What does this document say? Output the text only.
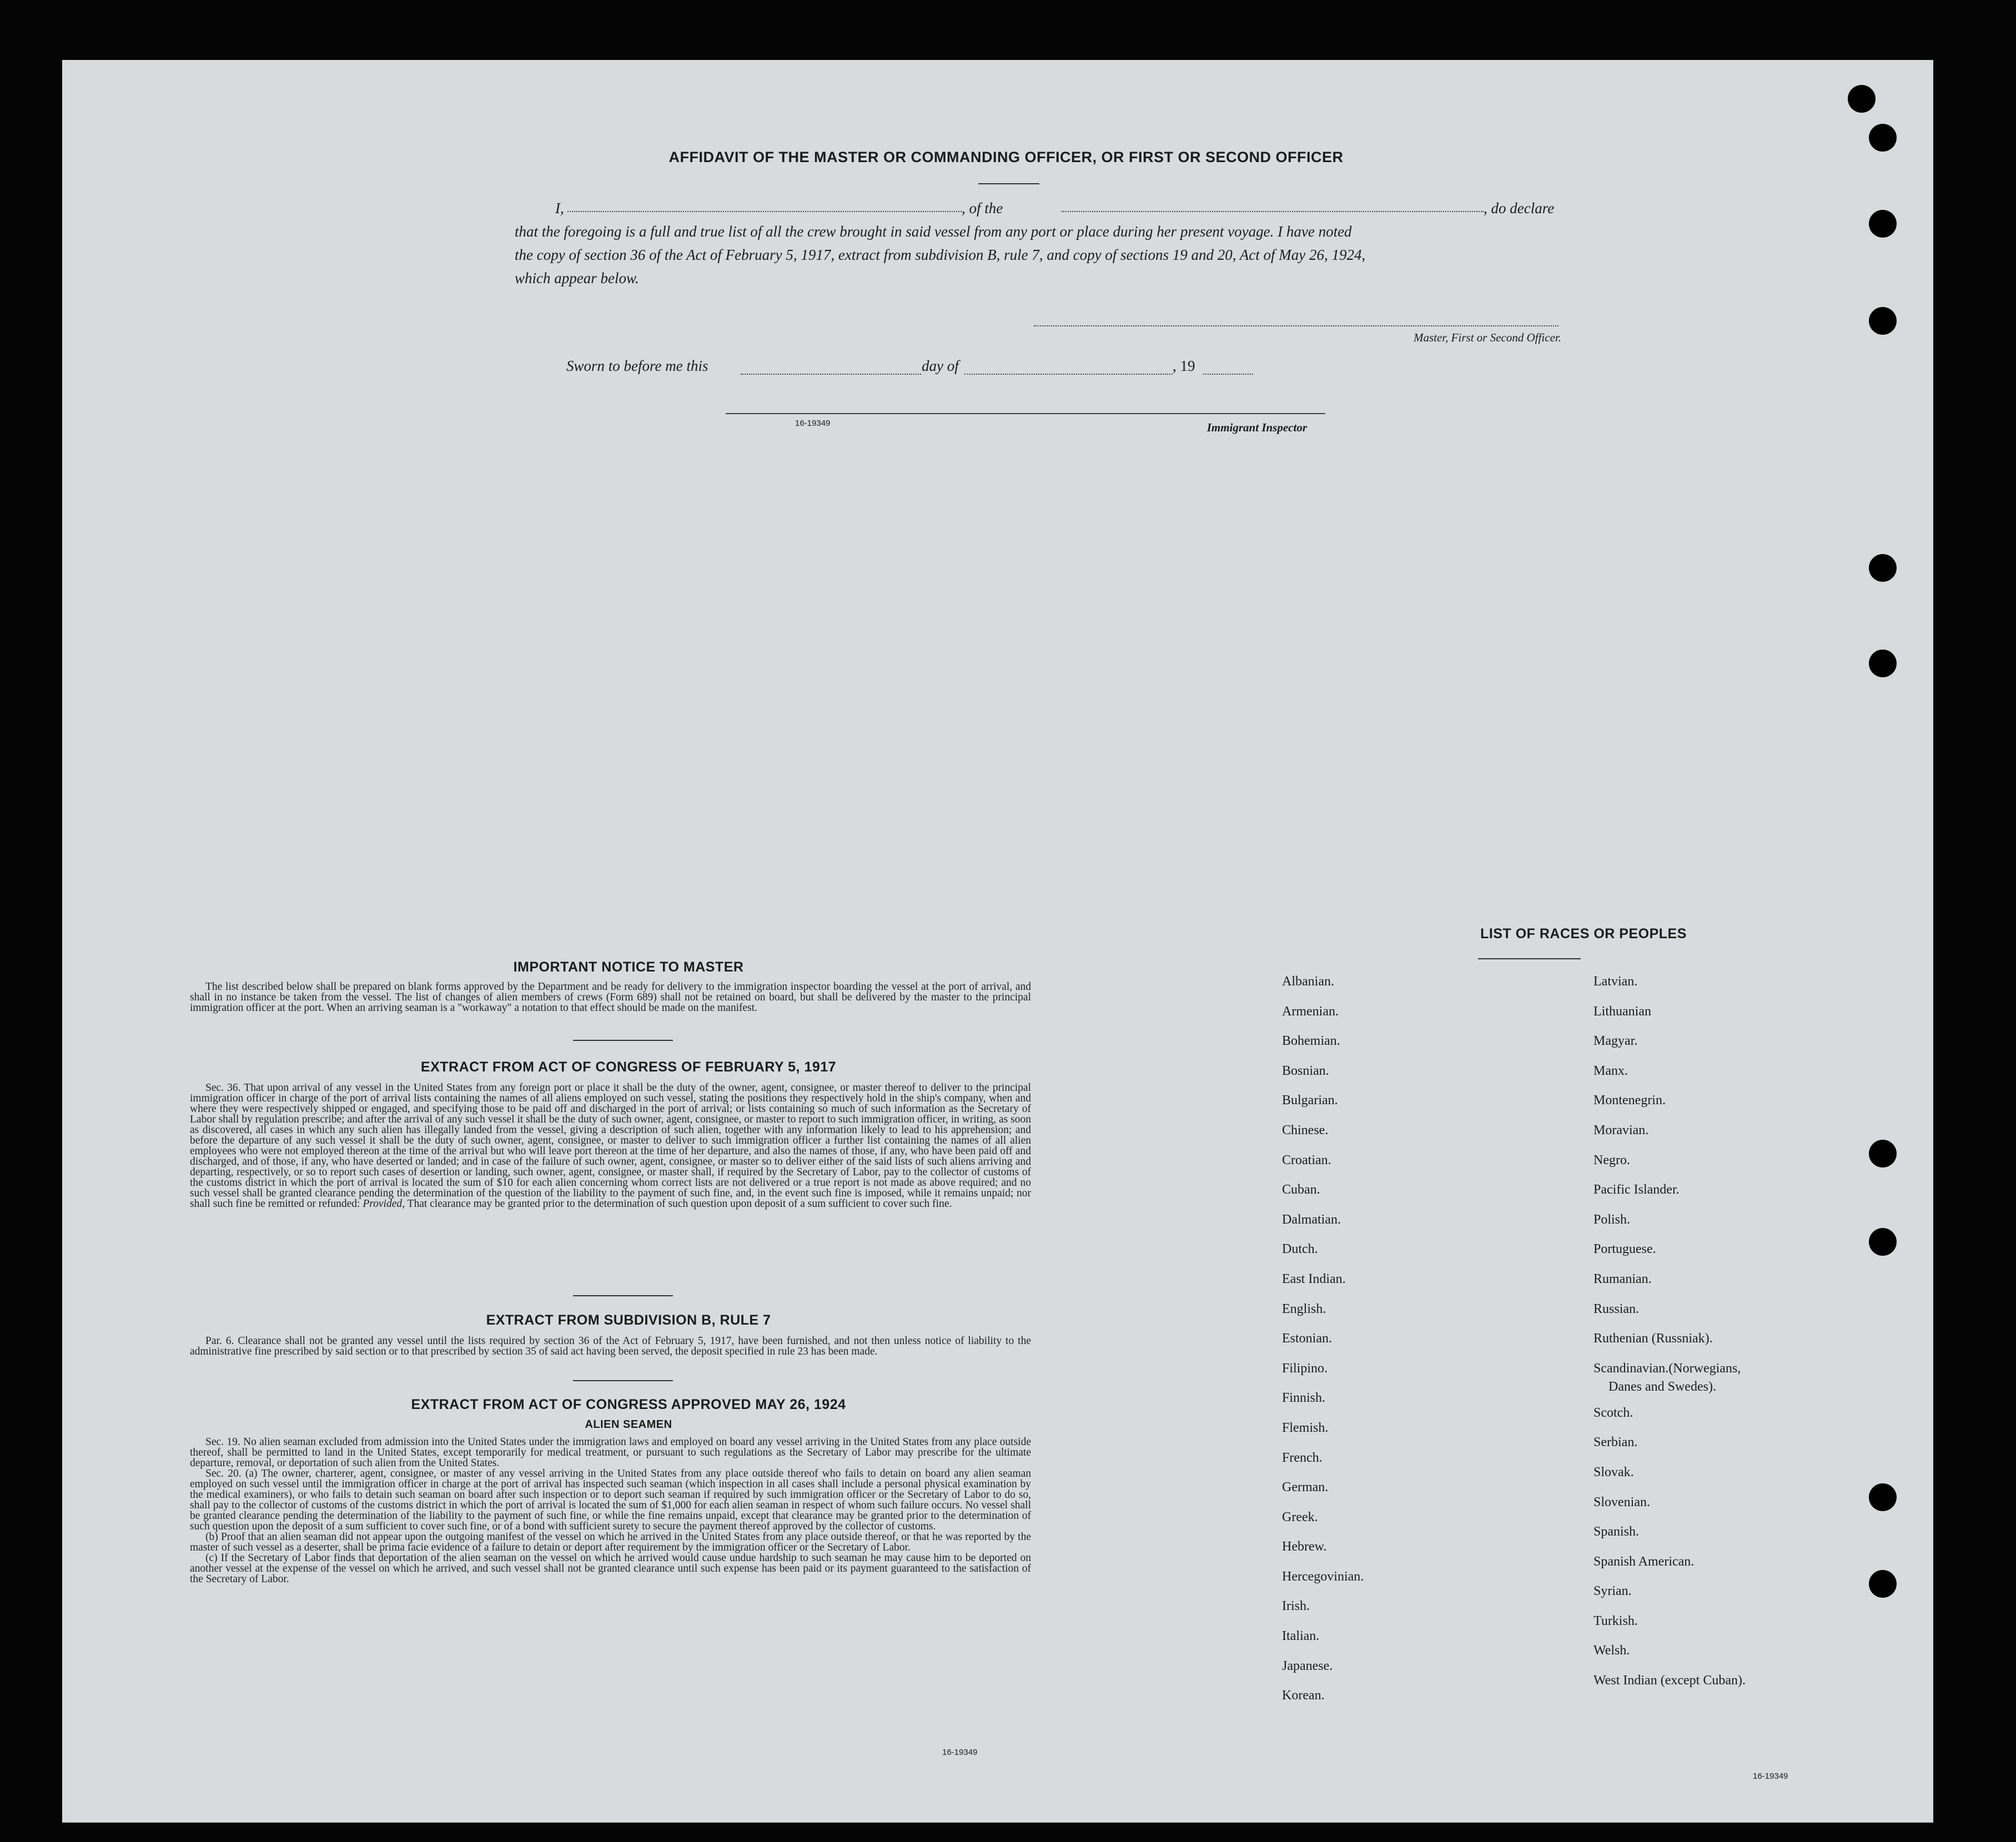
AFFIDAVIT OF THE MASTER OR COMMANDING OFFICER, OR FIRST OR SECOND OFFICER
I,	, of the	, do declare
that the foregoing is a full and true list of all the crew brought in said vessel from any port or place during her present voyage. I have noted
the copy of section 36 of the Act of February 5, 1917, extract from subdivision B, rule 7, and copy of sections 19 and 20, Act of May 26, 1924,
which appear below.
Master, First or Second Officer.
Sworn to before me this	day of	, 19
16-19349	Immigrant Inspector
IMPORTANT NOTICE TO MASTER

The list described below shall be prepared on blank forms approved by the Department and be ready for delivery to the immigration inspector boarding the vessel at the port of arrival, and shall in no instance be taken from the vessel. The list of changes of alien members of crews (Form 689) shall not be retained on board, but shall be delivered by the master to the principal immigration officer at the port. When an arriving seaman is a "workaway" a notation to that effect should be made on the manifest.

EXTRACT FROM ACT OF CONGRESS OF FEBRUARY 5, 1917

Sec. 36. That upon arrival of any vessel in the United States from any foreign port or place it shall be the duty of the owner, agent, consignee, or master thereof to deliver to the principal immigration officer in charge of the port of arrival lists containing the names of all aliens employed on such vessel, stating the positions they respectively hold in the ship's company, when and where they were respectively shipped or engaged, and specifying those to be paid off and discharged in the port of arrival; or lists containing so much of such information as the Secretary of Labor shall by regulation prescribe; and after the arrival of any such vessel it shall be the duty of such owner, agent, consignee, or master to report to such immigration officer, in writing, as soon as discovered, all cases in which any such alien has illegally landed from the vessel, giving a description of such alien, together with any information likely to lead to his apprehension; and before the departure of any such vessel it shall be the duty of such owner, agent, consignee, or master to deliver to such immigration officer a further list containing the names of all alien employees who were not employed thereon at the time of the arrival but who will leave port thereon at the time of her departure, and also the names of those, if any, who have been paid off and discharged, and of those, if any, who have deserted or landed; and in case of the failure of such owner, agent, consignee, or master so to deliver either of the said lists of such aliens arriving and departing, respectively, or so to report such cases of desertion or landing, such owner, agent, consignee, or master shall, if required by the Secretary of Labor, pay to the collector of customs of the customs district in which the port of arrival is located the sum of $10 for each alien concerning whom correct lists are not delivered or a true report is not made as above required; and no such vessel shall be granted clearance pending the determination of the question of the liability to the payment of such fine, and, in the event such fine is imposed, while it remains unpaid; nor shall such fine be remitted or refunded: Provided, That clearance may be granted prior to the determination of such question upon deposit of a sum sufficient to cover such fine.

EXTRACT FROM SUBDIVISION B, RULE 7

Par. 6. Clearance shall not be granted any vessel until the lists required by section 36 of the Act of February 5, 1917, have been furnished, and not then unless notice of liability to the administrative fine prescribed by said section or to that prescribed by section 35 of said act having been served, the deposit specified in rule 23 has been made.

EXTRACT FROM ACT OF CONGRESS APPROVED MAY 26, 1924
ALIEN SEAMEN

Sec. 19. No alien seaman excluded from admission into the United States under the immigration laws and employed on board any vessel arriving in the United States from any place outside thereof, shall be permitted to land in the United States, except temporarily for medical treatment, or pursuant to such regulations as the Secretary of Labor may prescribe for the ultimate departure, removal, or deportation of such alien from the United States.

Sec. 20. (a) The owner, charterer, agent, consignee, or master of any vessel arriving in the United States from any place outside thereof who fails to detain on board any alien seaman employed on such vessel until the immigration officer in charge at the port of arrival has inspected such seaman (which inspection in all cases shall include a personal physical examination by the medical examiners), or who fails to detain such seaman on board after such inspection or to deport such seaman if required by such immigration officer or the Secretary of Labor to do so, shall pay to the collector of customs of the customs district in which the port of arrival is located the sum of $1,000 for each alien seaman in respect of whom such failure occurs. No vessel shall be granted clearance pending the determination of the liability to the payment of such fine, or while the fine remains unpaid, except that clearance may be granted prior to the determination of such question upon the deposit of a sum sufficient to cover such fine, or of a bond with sufficient surety to secure the payment thereof approved by the collector of customs.

(b) Proof that an alien seaman did not appear upon the outgoing manifest of the vessel on which he arrived in the United States from any place outside thereof, or that he was reported by the master of such vessel as a deserter, shall be prima facie evidence of a failure to detain or deport after requirement by the immigration officer or the Secretary of Labor.

(c) If the Secretary of Labor finds that deportation of the alien seaman on the vessel on which he arrived would cause undue hardship to such seaman he may cause him to be deported on another vessel at the expense of the vessel on which he arrived, and such vessel shall not be granted clearance until such expense has been paid or its payment guaranteed to the satisfaction of the Secretary of Labor.

16-19349
LIST OF RACES OR PEOPLES
Albanian.
Armenian.
Bohemian.
Bosnian.
Bulgarian.
Chinese.
Croatian.
Cuban.
Dalmatian.
Dutch.
East Indian.
English.
Estonian.
Filipino.
Finnish.
Flemish.
French.
German.
Greek.
Hebrew.
Hercegovinian.
Irish.
Italian.
Japanese.
Korean.
Latvian.
Lithuanian
Magyar.
Manx.
Montenegrin.
Moravian.
Negro.
Pacific Islander.
Polish.
Portuguese.
Rumanian.
Russian.
Ruthenian (Russniak).
Scandinavian.(Norwegians,
Scotch.
Serbian.
Slovak.
Slovenian.
Spanish.
Spanish American.
Syrian.
Turkish.
Welsh.
West Indian (except Cuban).
Danes and Swedes).
16-19349
